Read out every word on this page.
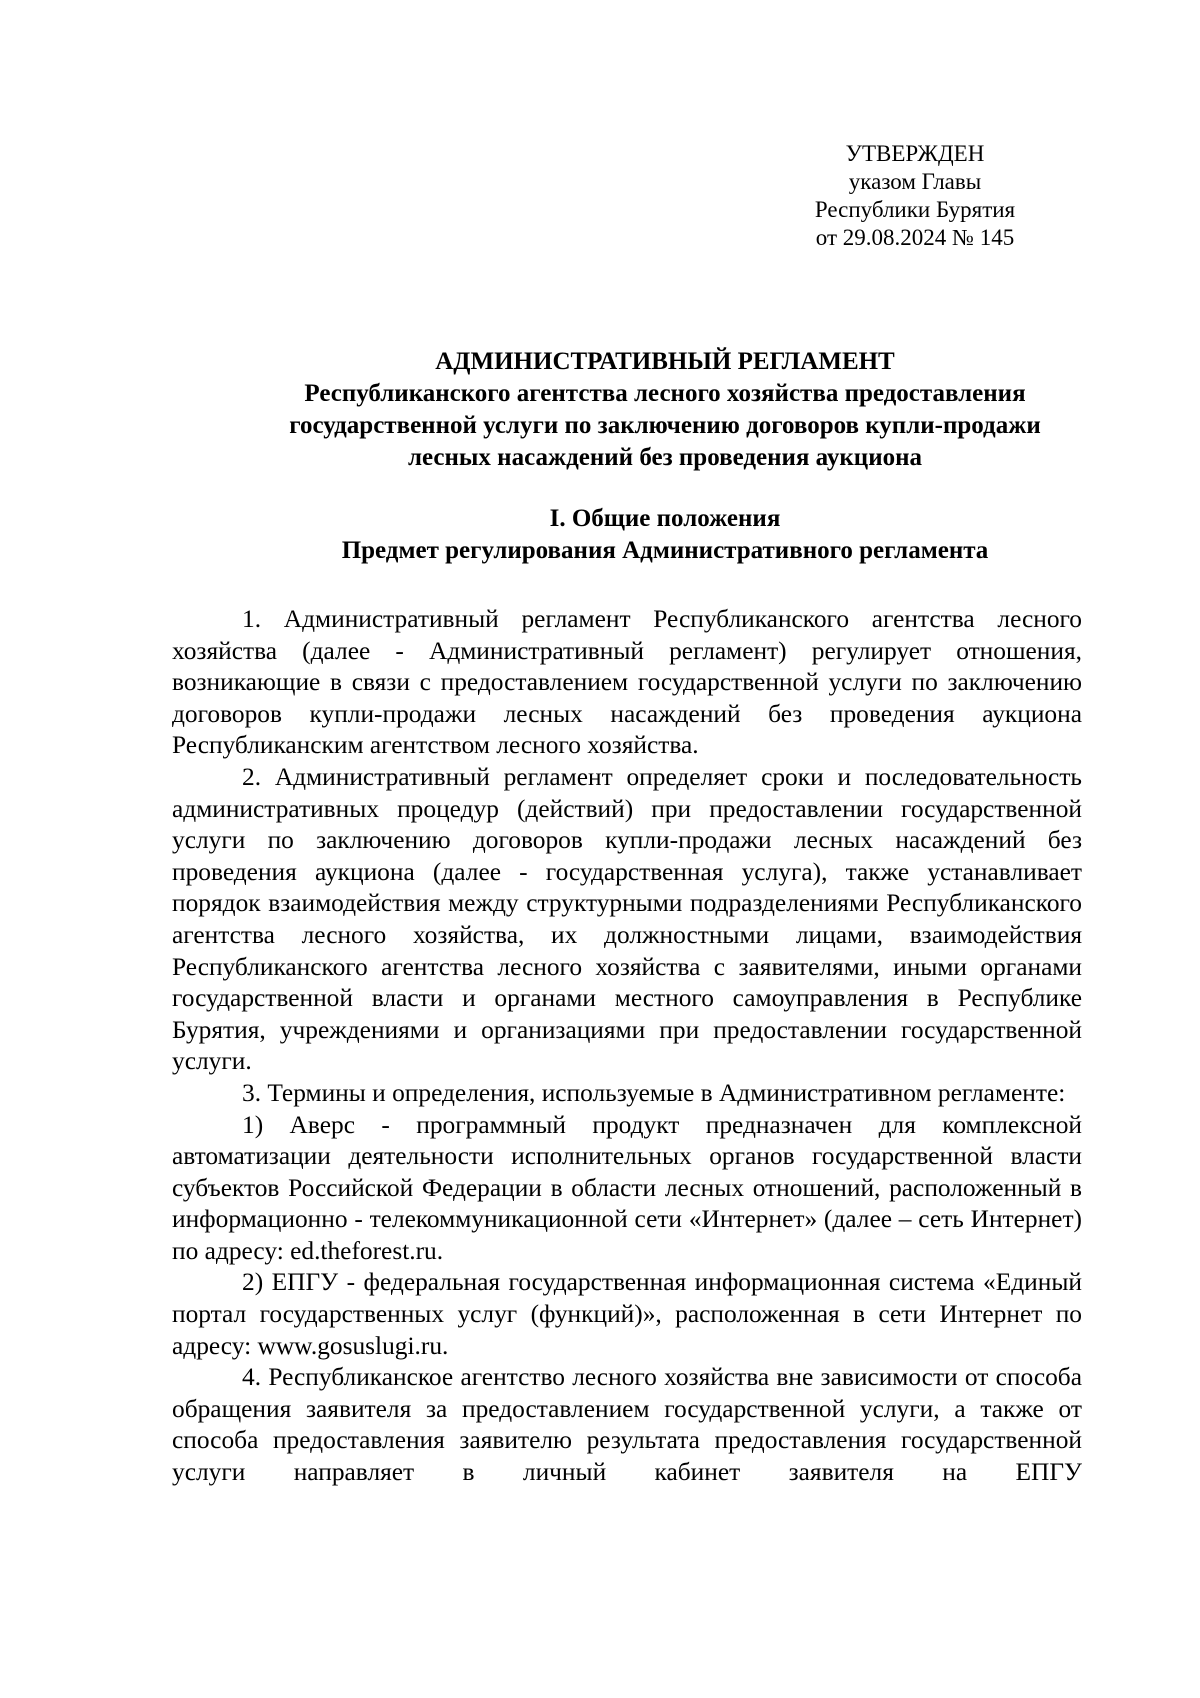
УТВЕРЖДЕН
указом Главы
Республики Бурятия
от 29.08.2024 № 145
АДМИНИСТРАТИВНЫЙ РЕГЛАМЕНТ
Республиканского агентства лесного хозяйства предоставления
государственной услуги по заключению договоров купли-продажи
лесных насаждений без проведения аукциона
I. Общие положения
Предмет регулирования Административного регламента

1. Административный регламент Республиканского агентства лесного хозяйства (далее - Административный регламент) регулирует отношения, возникающие в связи с предоставлением государственной услуги по заключению договоров купли-продажи лесных насаждений без проведения аукциона Республиканским агентством лесного хозяйства.

2. Административный регламент определяет сроки и последовательность административных процедур (действий) при предоставлении государственной услуги по заключению договоров купли-продажи лесных насаждений без проведения аукциона (далее - государственная услуга), также устанавливает порядок взаимодействия между структурными подразделениями Республиканского агентства лесного хозяйства, их должностными лицами, взаимодействия Республиканского агентства лесного хозяйства с заявителями, иными органами государственной власти и органами местного самоуправления в Республике Бурятия, учреждениями и организациями при предоставлении государственной услуги.

3. Термины и определения, используемые в Административном регламенте:

1) Аверс - программный продукт предназначен для комплексной автоматизации деятельности исполнительных органов государственной власти субъектов Российской Федерации в области лесных отношений, расположенный в информационно - телекоммуникационной сети «Интернет» (далее – сеть Интернет) по адресу: ed.theforest.ru.

2) ЕПГУ - федеральная государственная информационная система «Единый портал государственных услуг (функций)», расположенная в сети Интернет по адресу: www.gosuslugi.ru.

4. Республиканское агентство лесного хозяйства вне зависимости от способа обращения заявителя за предоставлением государственной услуги, а также от способа предоставления заявителю результата предоставления государственной услуги направляет в личный кабинет заявителя на ЕПГУ
